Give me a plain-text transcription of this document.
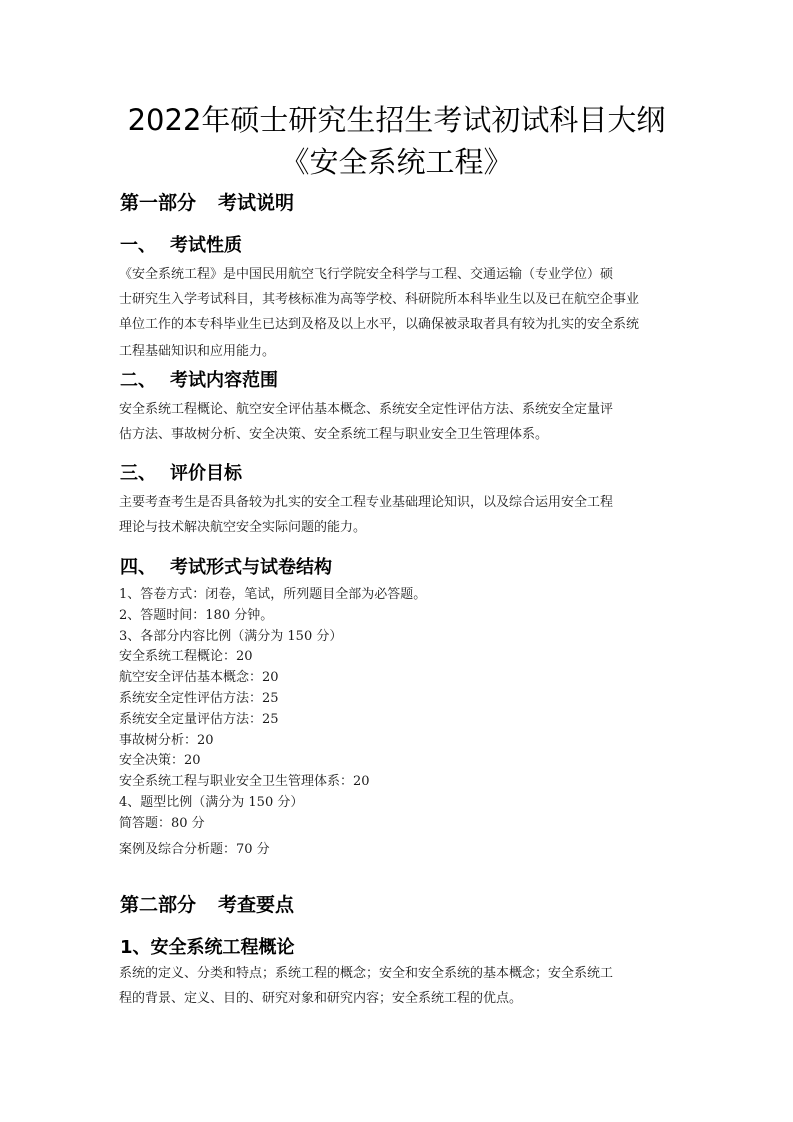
2022年硕士研究生招生考试初试科目大纲
《安全系统工程》
第一部分 考试说明
一、 考试性质
《安全系统工程》是中国民用航空飞行学院安全科学与工程、交通运输（专业学位）硕
士研究生入学考试科目，其考核标准为高等学校、科研院所本科毕业生以及已在航空企事业
单位工作的本专科毕业生已达到及格及以上水平，以确保被录取者具有较为扎实的安全系统
工程基础知识和应用能力。
二、 考试内容范围
安全系统工程概论、航空安全评估基本概念、系统安全定性评估方法、系统安全定量评
估方法、事故树分析、安全决策、安全系统工程与职业安全卫生管理体系。
三、 评价目标
主要考查考生是否具备较为扎实的安全工程专业基础理论知识，以及综合运用安全工程
理论与技术解决航空安全实际问题的能力。
四、 考试形式与试卷结构
1、答卷方式：闭卷，笔试，所列题目全部为必答题。
2、答题时间：180 分钟。
3、各部分内容比例（满分为 150 分）
安全系统工程概论：20
航空安全评估基本概念：20
系统安全定性评估方法：25
系统安全定量评估方法：25
事故树分析：20
安全决策：20
安全系统工程与职业安全卫生管理体系：20
4、题型比例（满分为 150 分）
简答题：80 分
案例及综合分析题：70 分
第二部分 考查要点
1、安全系统工程概论
系统的定义、分类和特点；系统工程的概念；安全和安全系统的基本概念；安全系统工
程的背景、定义、目的、研究对象和研究内容；安全系统工程的优点。
